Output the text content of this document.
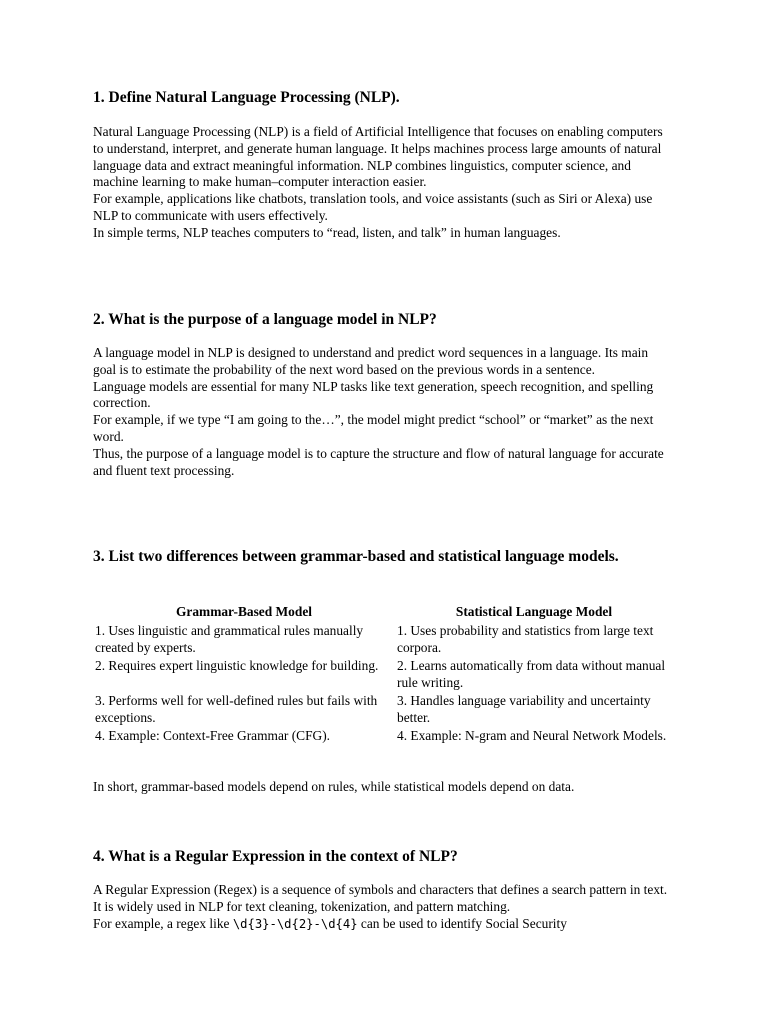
1. Define Natural Language Processing (NLP).
Natural Language Processing (NLP) is a field of Artificial Intelligence that focuses on enabling computers to understand, interpret, and generate human language. It helps machines process large amounts of natural language data and extract meaningful information. NLP combines linguistics, computer science, and machine learning to make human–computer interaction easier.
For example, applications like chatbots, translation tools, and voice assistants (such as Siri or Alexa) use NLP to communicate with users effectively.
In simple terms, NLP teaches computers to “read, listen, and talk” in human languages.
2. What is the purpose of a language model in NLP?
A language model in NLP is designed to understand and predict word sequences in a language. Its main goal is to estimate the probability of the next word based on the previous words in a sentence.
Language models are essential for many NLP tasks like text generation, speech recognition, and spelling correction.
For example, if we type “I am going to the…”, the model might predict “school” or “market” as the next word.
Thus, the purpose of a language model is to capture the structure and flow of natural language for accurate and fluent text processing.
3. List two differences between grammar-based and statistical language models.
Grammar-Based Model	Statistical Language Model
1. Uses linguistic and grammatical rules manually created by experts.	1. Uses probability and statistics from large text corpora.
2. Requires expert linguistic knowledge for building.	2. Learns automatically from data without manual rule writing.
3. Performs well for well-defined rules but fails with exceptions.	3. Handles language variability and uncertainty better.
4. Example: Context-Free Grammar (CFG).	4. Example: N-gram and Neural Network Models.
In short, grammar-based models depend on rules, while statistical models depend on data.
4. What is a Regular Expression in the context of NLP?
A Regular Expression (Regex) is a sequence of symbols and characters that defines a search pattern in text. It is widely used in NLP for text cleaning, tokenization, and pattern matching.
For example, a regex like \d{3}-\d{2}-\d{4} can be used to identify Social Security
